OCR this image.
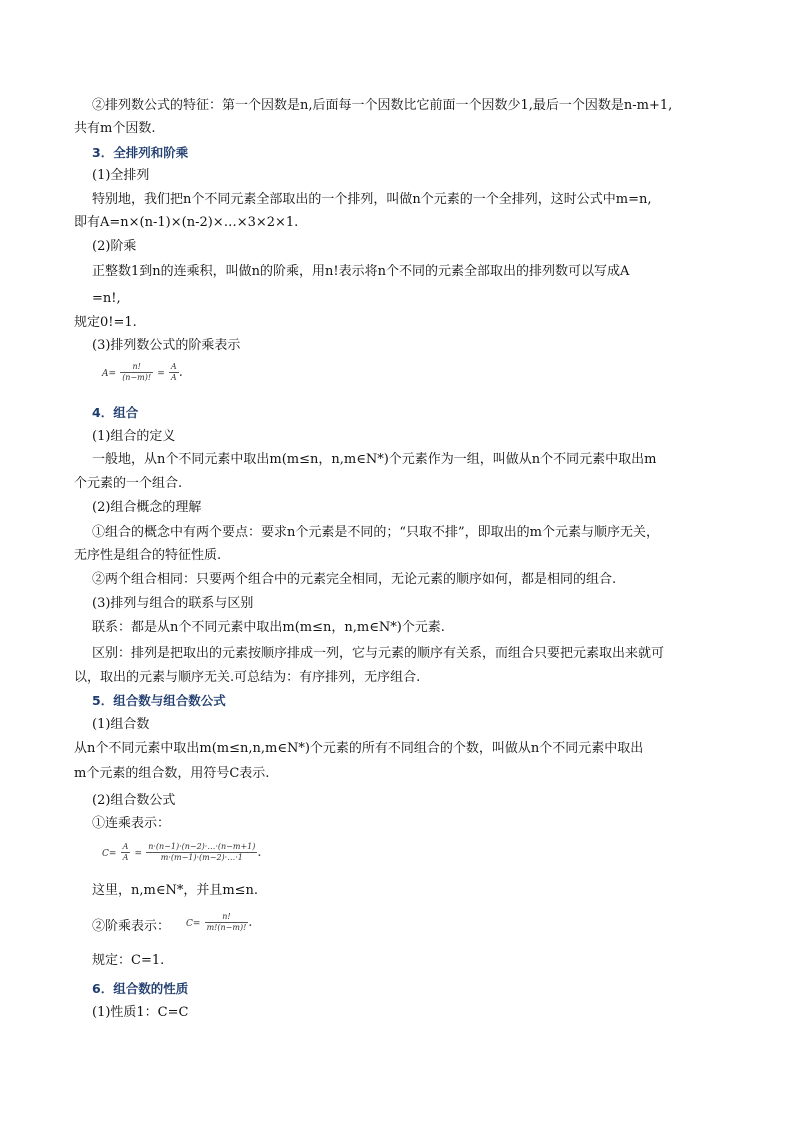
②排列数公式的特征：第一个因数是n,后面每一个因数比它前面一个因数少1,最后一个因数是n-m+1,
共有m个因数.
3．全排列和阶乘
(1)全排列
特别地，我们把n个不同元素全部取出的一个排列，叫做n个元素的一个全排列，这时公式中m=n,
即有A=n×(n-1)×(n-2)×…×3×2×1.
(2)阶乘
正整数1到n的连乘积，叫做n的阶乘，用n!表示将n个不同的元素全部取出的排列数可以写成A
=n!,
规定0!=1.
(3)排列数公式的阶乘表示
$A= \frac{n!}{(n-m)!} = \frac{A}{A}$ .
4．组合
(1)组合的定义
一般地，从n个不同元素中取出m(m≤n，n,m∈N*)个元素作为一组，叫做从n个不同元素中取出m
个元素的一个组合.
(2)组合概念的理解
①组合的概念中有两个要点：要求n个元素是不同的；“只取不排”，即取出的m个元素与顺序无关，
无序性是组合的特征性质.
②两个组合相同：只要两个组合中的元素完全相同，无论元素的顺序如何，都是相同的组合.
(3)排列与组合的联系与区别
联系：都是从n个不同元素中取出m(m≤n，n,m∈N*)个元素.
区别：排列是把取出的元素按顺序排成一列，它与元素的顺序有关系，而组合只要把元素取出来就可
以，取出的元素与顺序无关.可总结为：有序排列，无序组合.
5．组合数与组合数公式
(1)组合数
从n个不同元素中取出m(m≤n,n,m∈N*)个元素的所有不同组合的个数，叫做从n个不同元素中取出
m个元素的组合数，用符号C表示.
(2)组合数公式
①连乘表示：
$C= \frac{A}{A} = \frac{n\cdot(n-1)\cdot(n-2)\cdot\dots\cdot(n-m+1)}{m\cdot(m-1)\cdot(m-2)\cdot\dots\cdot 1}$ .
这里，n,m∈N*，并且m≤n.
②阶乘表示： $C= \frac{n!}{m!(n-m)!}$ .
规定：C=1.
6．组合数的性质
(1)性质1：C=C
